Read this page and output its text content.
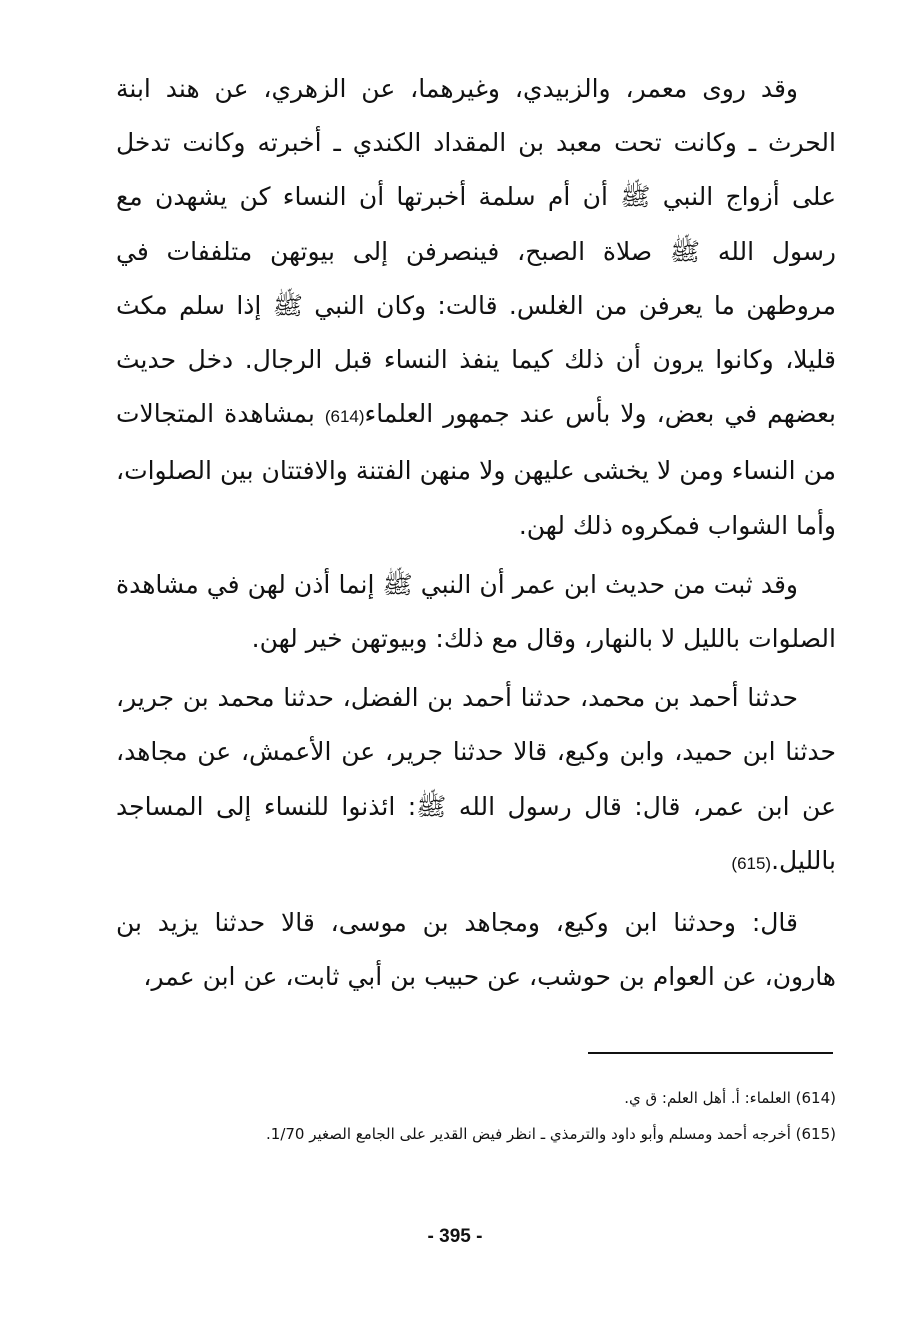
وقد روى معمر، والزبيدي، وغيرهما، عن الزهري، عن هند ابنة الحرث ـ وكانت تحت معبد بن المقداد الكندي ـ أخبرته وكانت تدخل على أزواج النبي ﷺ أن أم سلمة أخبرتها أن النساء كن يشهدن مع رسول الله ﷺ صلاة الصبح، فينصرفن إلى بيوتهن متلففات في مروطهن ما يعرفن من الغلس. قالت: وكان النبي ﷺ إذا سلم مكث قليلا، وكانوا يرون أن ذلك كيما ينفذ النساء قبل الرجال. دخل حديث بعضهم في بعض، ولا بأس عند جمهور العلماء(614) بمشاهدة المتجالات من النساء ومن لا يخشى عليهن ولا منهن الفتنة والافتتان بين الصلوات، وأما الشواب فمكروه ذلك لهن.

وقد ثبت من حديث ابن عمر أن النبي ﷺ إنما أذن لهن في مشاهدة الصلوات بالليل لا بالنهار، وقال مع ذلك: وبيوتهن خير لهن.

حدثنا أحمد بن محمد، حدثنا أحمد بن الفضل، حدثنا محمد بن جرير، حدثنا ابن حميد، وابن وكيع، قالا حدثنا جرير، عن الأعمش، عن مجاهد، عن ابن عمر، قال: قال رسول الله ﷺ: ائذنوا للنساء إلى المساجد بالليل.(615)

قال: وحدثنا ابن وكيع، ومجاهد بن موسى، قالا حدثنا يزيد بن هارون، عن العوام بن حوشب، عن حبيب بن أبي ثابت، عن ابن عمر،

(614) العلماء: أ. أهل العلم: ق ي.

(615) أخرجه أحمد ومسلم وأبو داود والترمذي ـ انظر فيض القدير على الجامع الصغير 1/70.

- 395 -
